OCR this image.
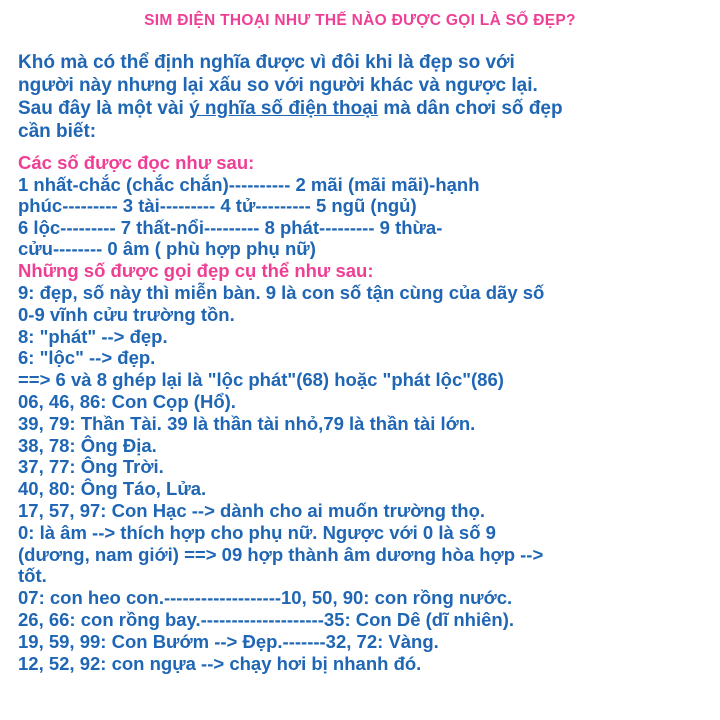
SIM ĐIỆN THOẠI NHƯ THẾ NÀO ĐƯỢC GỌI LÀ SỐ ĐẸP?
Khó mà có thể định nghĩa được vì đôi khi là đẹp so với
người này nhưng lại xấu so với người khác và ngược lại.
Sau đây là một vài ý nghĩa số điện thoại mà dân chơi số đẹp
cần biết:
Các số được đọc như sau:
1 nhất-chắc (chắc chắn)---------- 2 mãi (mãi mãi)-hạnh
phúc--------- 3 tài--------- 4 tử--------- 5 ngũ (ngủ)
6 lộc--------- 7 thất-nổi--------- 8 phát--------- 9 thừa-
cửu-------- 0 âm ( phù hợp phụ nữ)
Những số được gọi đẹp cụ thể như sau:
9: đẹp, số này thì miễn bàn. 9 là con số tận cùng của dãy số
0-9 vĩnh cửu trường tồn.
8: "phát" --> đẹp.
6: "lộc" --> đẹp.
==> 6 và 8 ghép lại là "lộc phát"(68) hoặc "phát lộc"(86)
06, 46, 86: Con Cọp (Hổ).
39, 79: Thần Tài. 39 là thần tài nhỏ,79 là thần tài lớn.
38, 78: Ông Địa.
37, 77: Ông Trời.
40, 80: Ông Táo, Lửa.
17, 57, 97: Con Hạc --> dành cho ai muốn trường thọ.
0: là âm --> thích hợp cho phụ nữ. Ngược với 0 là số 9
(dương, nam giới) ==> 09 hợp thành âm dương hòa hợp -->
tốt.
07: con heo con.-------------------10, 50, 90: con rồng nước.
26, 66: con rồng bay.--------------------35: Con Dê (dĩ nhiên).
19, 59, 99: Con Bướm --> Đẹp.-------32, 72: Vàng.
12, 52, 92: con ngựa --> chạy hơi bị nhanh đó.
